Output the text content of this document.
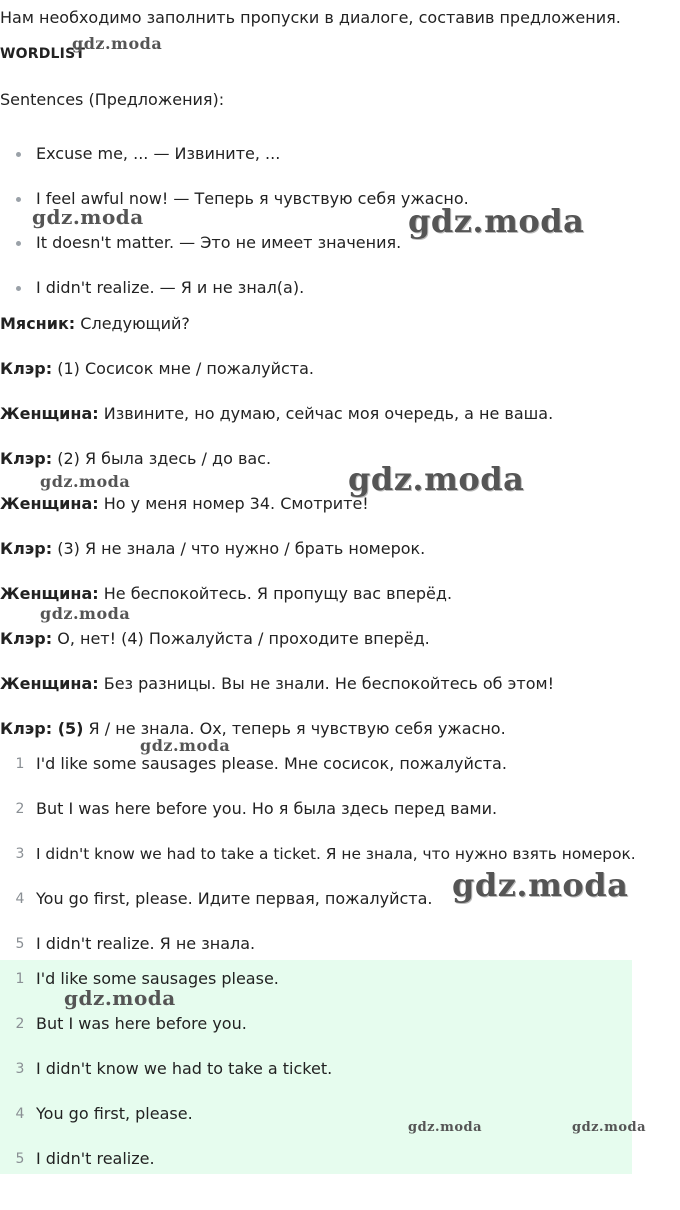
Нам необходимо заполнить пропуски в диалоге, составив предложения.
WORDLIST
Sentences (Предложения):
Excuse me, ... — Извините, ...
I feel awful now! — Теперь я чувствую себя ужасно.
It doesn't matter. — Это не имеет значения.
I didn't realize. — Я и не знал(а).
Мясник: Следующий?
Клэр: (1) Сосисок мне / пожалуйста.
Женщина: Извините, но думаю, сейчас моя очередь, а не ваша.
Клэр: (2) Я была здесь / до вас.
Женщина: Но у меня номер 34. Смотрите!
Клэр: (3) Я не знала / что нужно / брать номерок.
Женщина: Не беспокойтесь. Я пропущу вас вперёд.
Клэр: О, нет! (4) Пожалуйста / проходите вперёд.
Женщина: Без разницы. Вы не знали. Не беспокойтесь об этом!
Клэр: (5) Я / не знала. Ох, теперь я чувствую себя ужасно.
1 I'd like some sausages please. Мне сосисок, пожалуйста.
2 But I was here before you. Но я была здесь перед вами.
3 I didn't know we had to take a ticket. Я не знала, что нужно взять номерок.
4 You go first, please. Идите первая, пожалуйста.
5 I didn't realize. Я не знала.
1 I'd like some sausages please.
2 But I was here before you.
3 I didn't know we had to take a ticket.
4 You go first, please.
5 I didn't realize.
gdz.moda
gdz.moda	gdz.moda
gdz.moda
gdz.moda
gdz.moda
gdz.moda
gdz.moda
gdz.moda
gdz.moda	gdz.moda
